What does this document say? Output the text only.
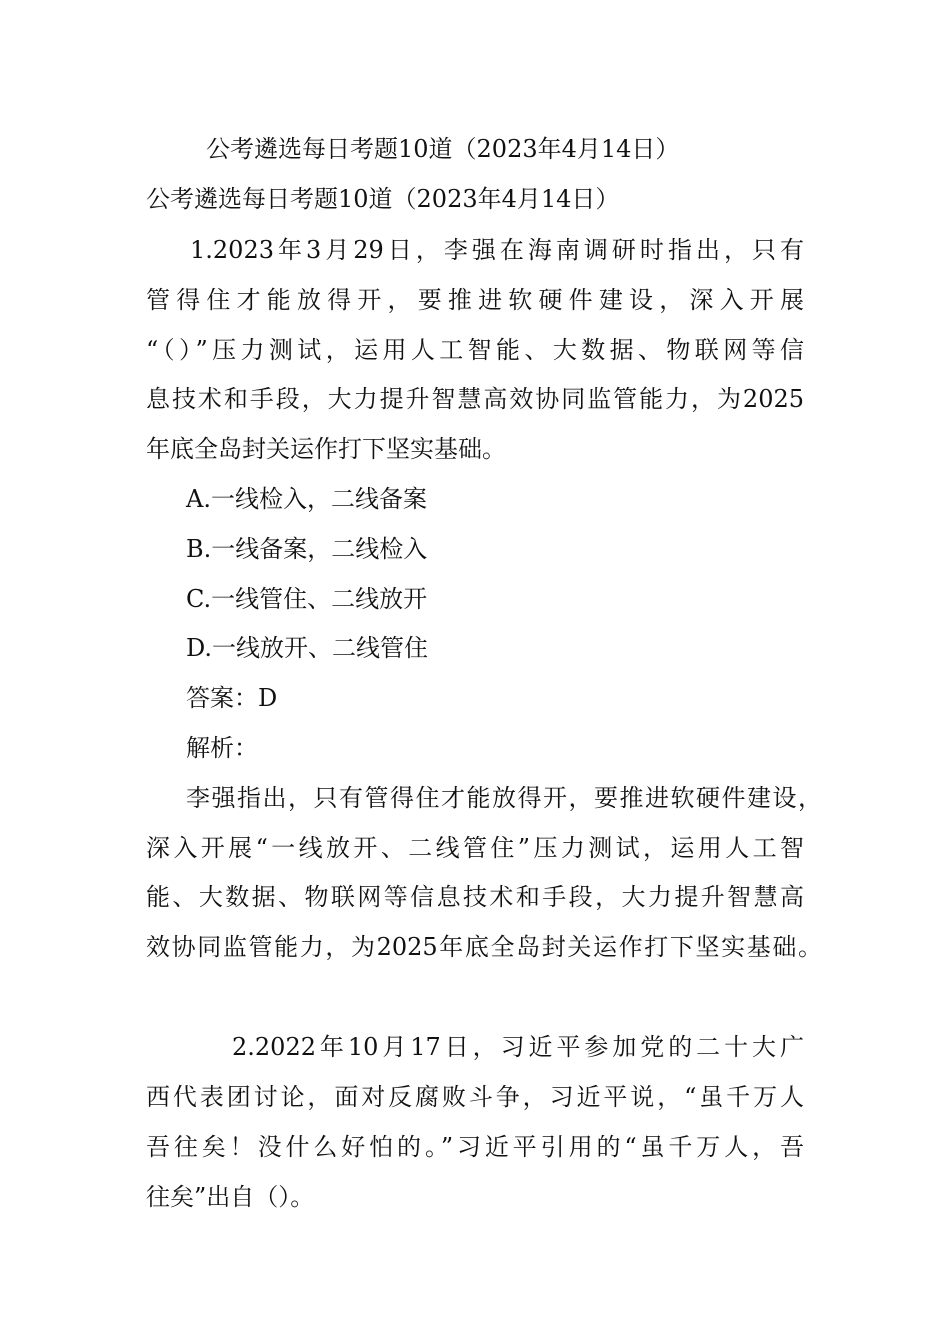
公考遴选每日考题10道（2023年4月14日）
公考遴选每日考题10道（2023年4月14日）
1.2023年3月29日，李强在海南调研时指出，只有
管得住才能放得开，要推进软硬件建设，深入开展
“（）”压力测试，运用人工智能、大数据、物联网等信
息技术和手段，大力提升智慧高效协同监管能力，为2025
年底全岛封关运作打下坚实基础。
A.一线检入，二线备案
B.一线备案，二线检入
C.一线管住、二线放开
D.一线放开、二线管住
答案：D
解析：
李强指出，只有管得住才能放得开，要推进软硬件建设，
深入开展“一线放开、二线管住”压力测试，运用人工智
能、大数据、物联网等信息技术和手段，大力提升智慧高
效协同监管能力，为2025年底全岛封关运作打下坚实基础。
2.2022年10月17日，习近平参加党的二十大广
西代表团讨论，面对反腐败斗争，习近平说，“虽千万人
吾往矣！没什么好怕的。”习近平引用的“虽千万人，吾
往矣”出自（）。
